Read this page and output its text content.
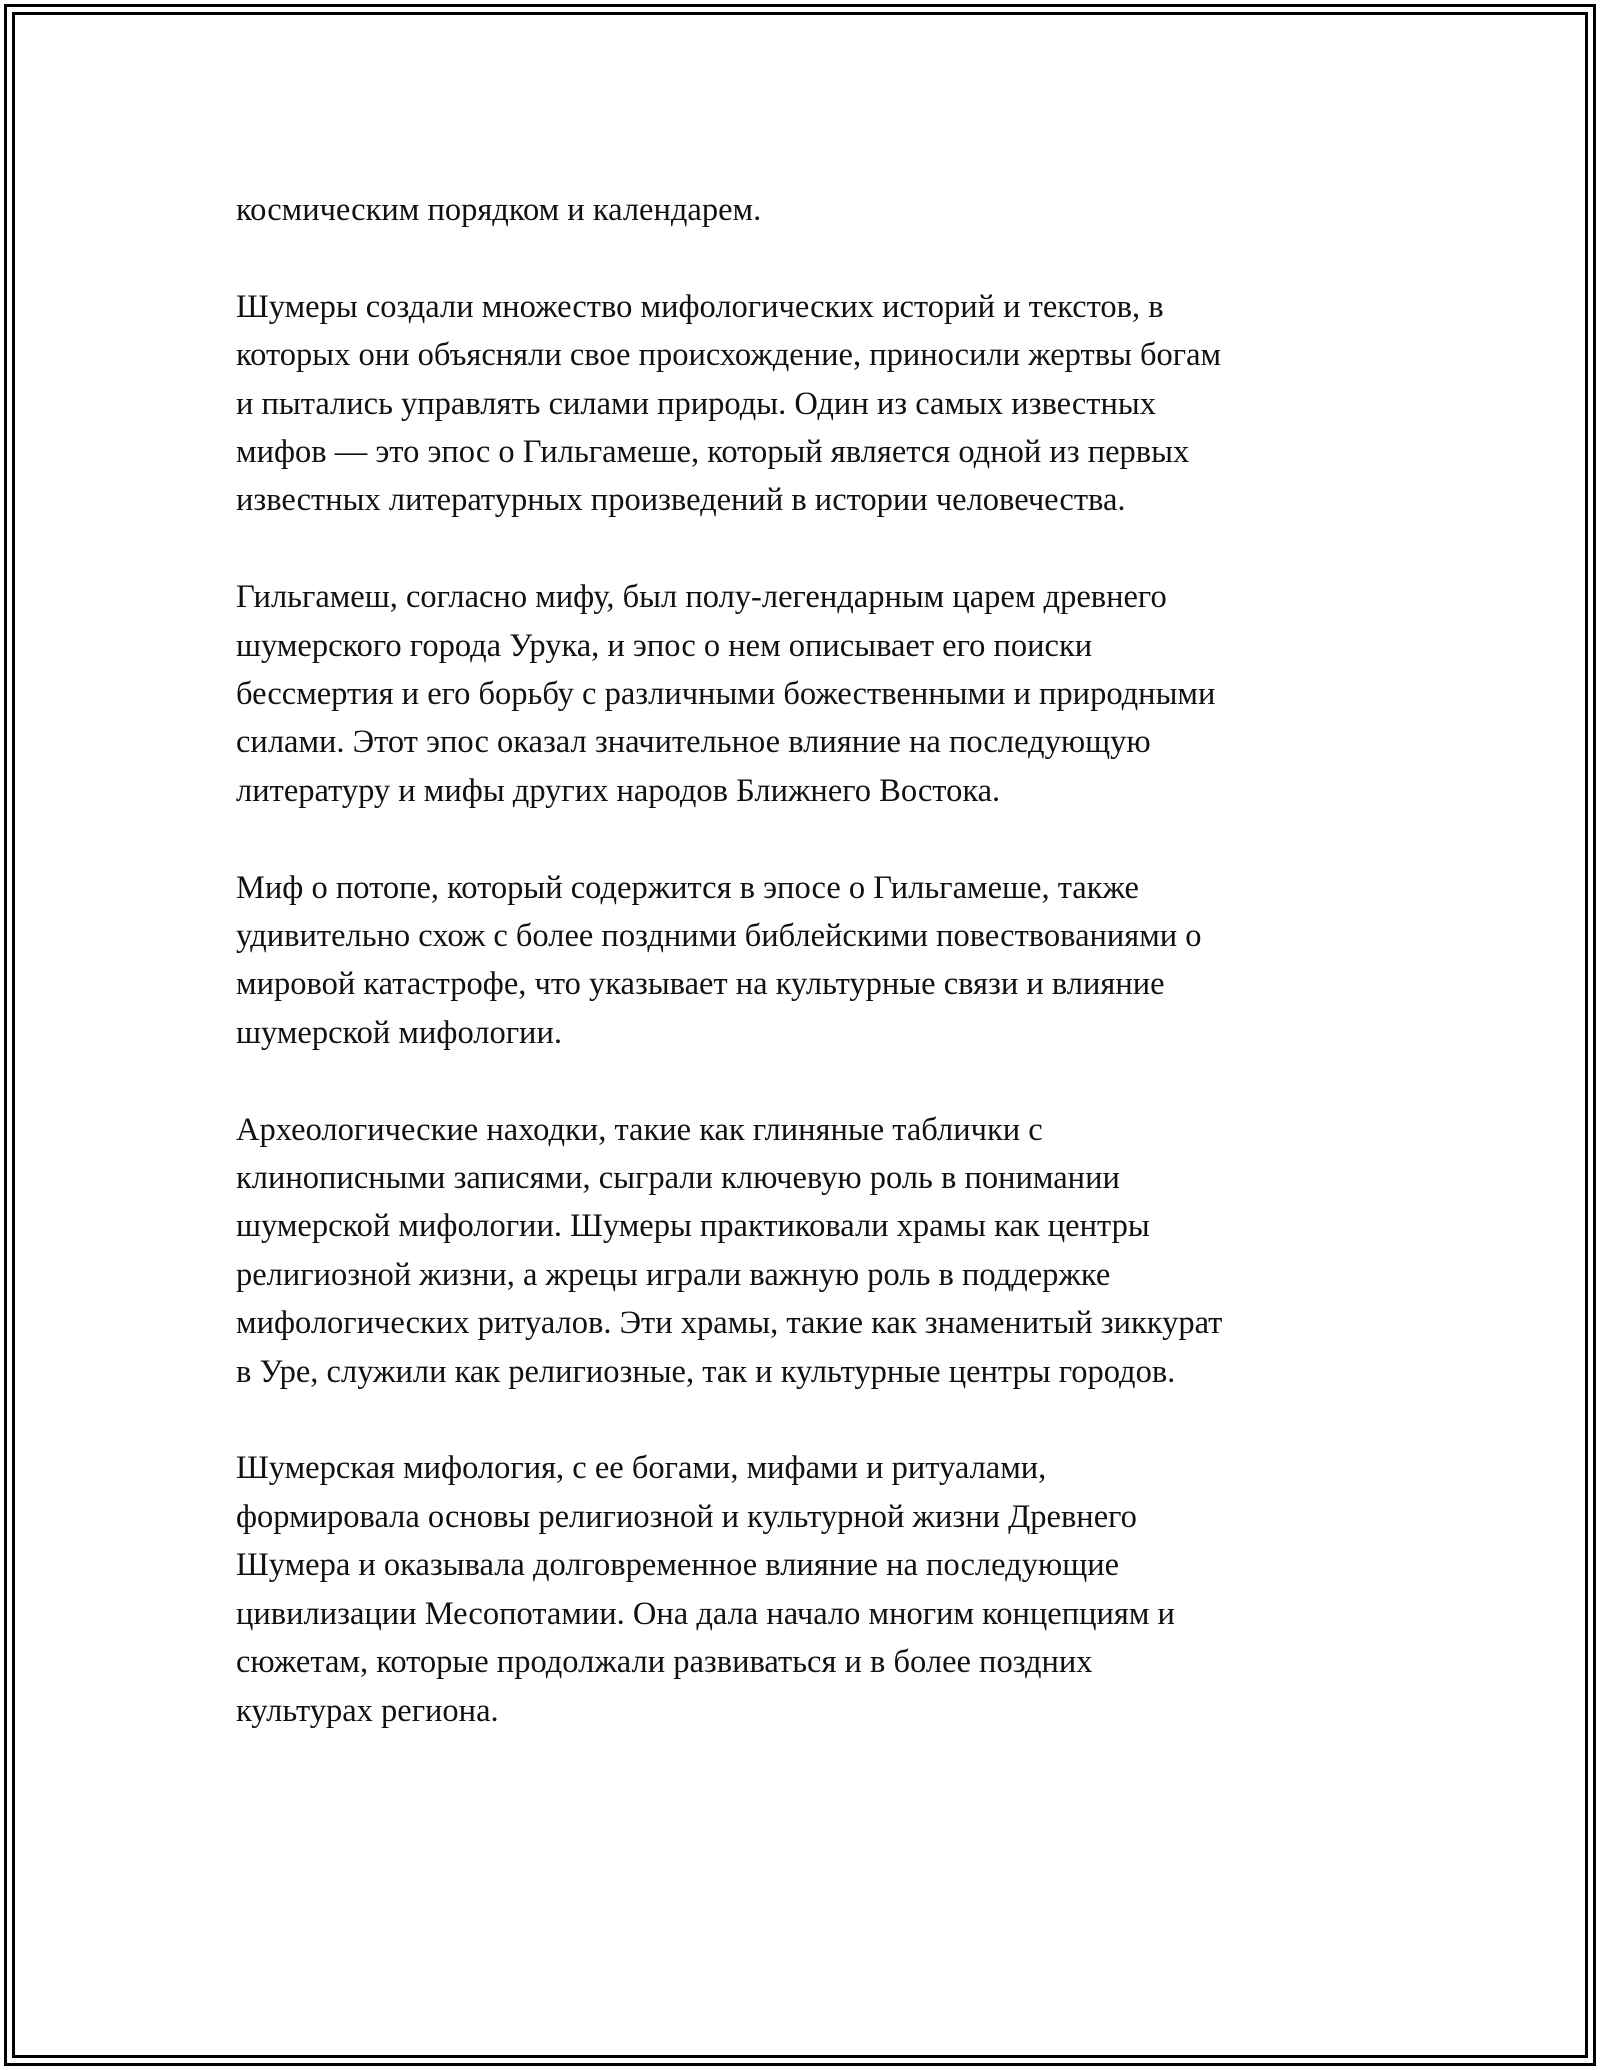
космическим порядком и календарем.

Шумеры создали множество мифологических историй и текстов, в
которых они объясняли свое происхождение, приносили жертвы богам
и пытались управлять силами природы. Один из самых известных
мифов — это эпос о Гильгамеше, который является одной из первых
известных литературных произведений в истории человечества.

Гильгамеш, согласно мифу, был полу-легендарным царем древнего
шумерского города Урука, и эпос о нем описывает его поиски
бессмертия и его борьбу с различными божественными и природными
силами. Этот эпос оказал значительное влияние на последующую
литературу и мифы других народов Ближнего Востока.

Миф о потопе, который содержится в эпосе о Гильгамеше, также
удивительно схож с более поздними библейскими повествованиями о
мировой катастрофе, что указывает на культурные связи и влияние
шумерской мифологии.

Археологические находки, такие как глиняные таблички с
клинописными записями, сыграли ключевую роль в понимании
шумерской мифологии. Шумеры практиковали храмы как центры
религиозной жизни, а жрецы играли важную роль в поддержке
мифологических ритуалов. Эти храмы, такие как знаменитый зиккурат
в Уре, служили как религиозные, так и культурные центры городов.

Шумерская мифология, с ее богами, мифами и ритуалами,
формировала основы религиозной и культурной жизни Древнего
Шумера и оказывала долговременное влияние на последующие
цивилизации Месопотамии. Она дала начало многим концепциям и
сюжетам, которые продолжали развиваться и в более поздних
культурах региона.
